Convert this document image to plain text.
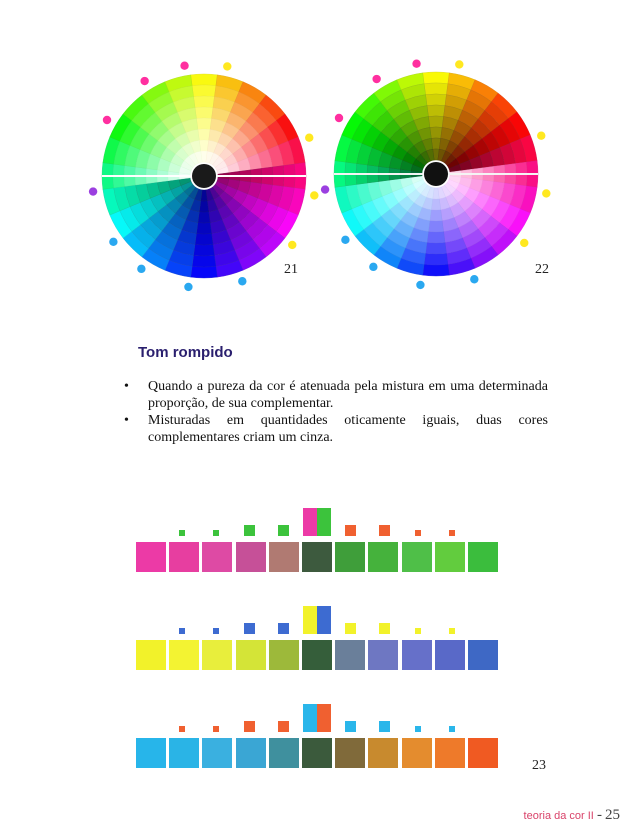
21	22
Tom rompido
• Quando a pureza da cor é atenuada pela mistura em uma determinada proporção, de sua complementar.
• Misturadas em quantidades oticamente iguais, duas cores complementares criam um cinza.
23
teoria da cor II - 25
